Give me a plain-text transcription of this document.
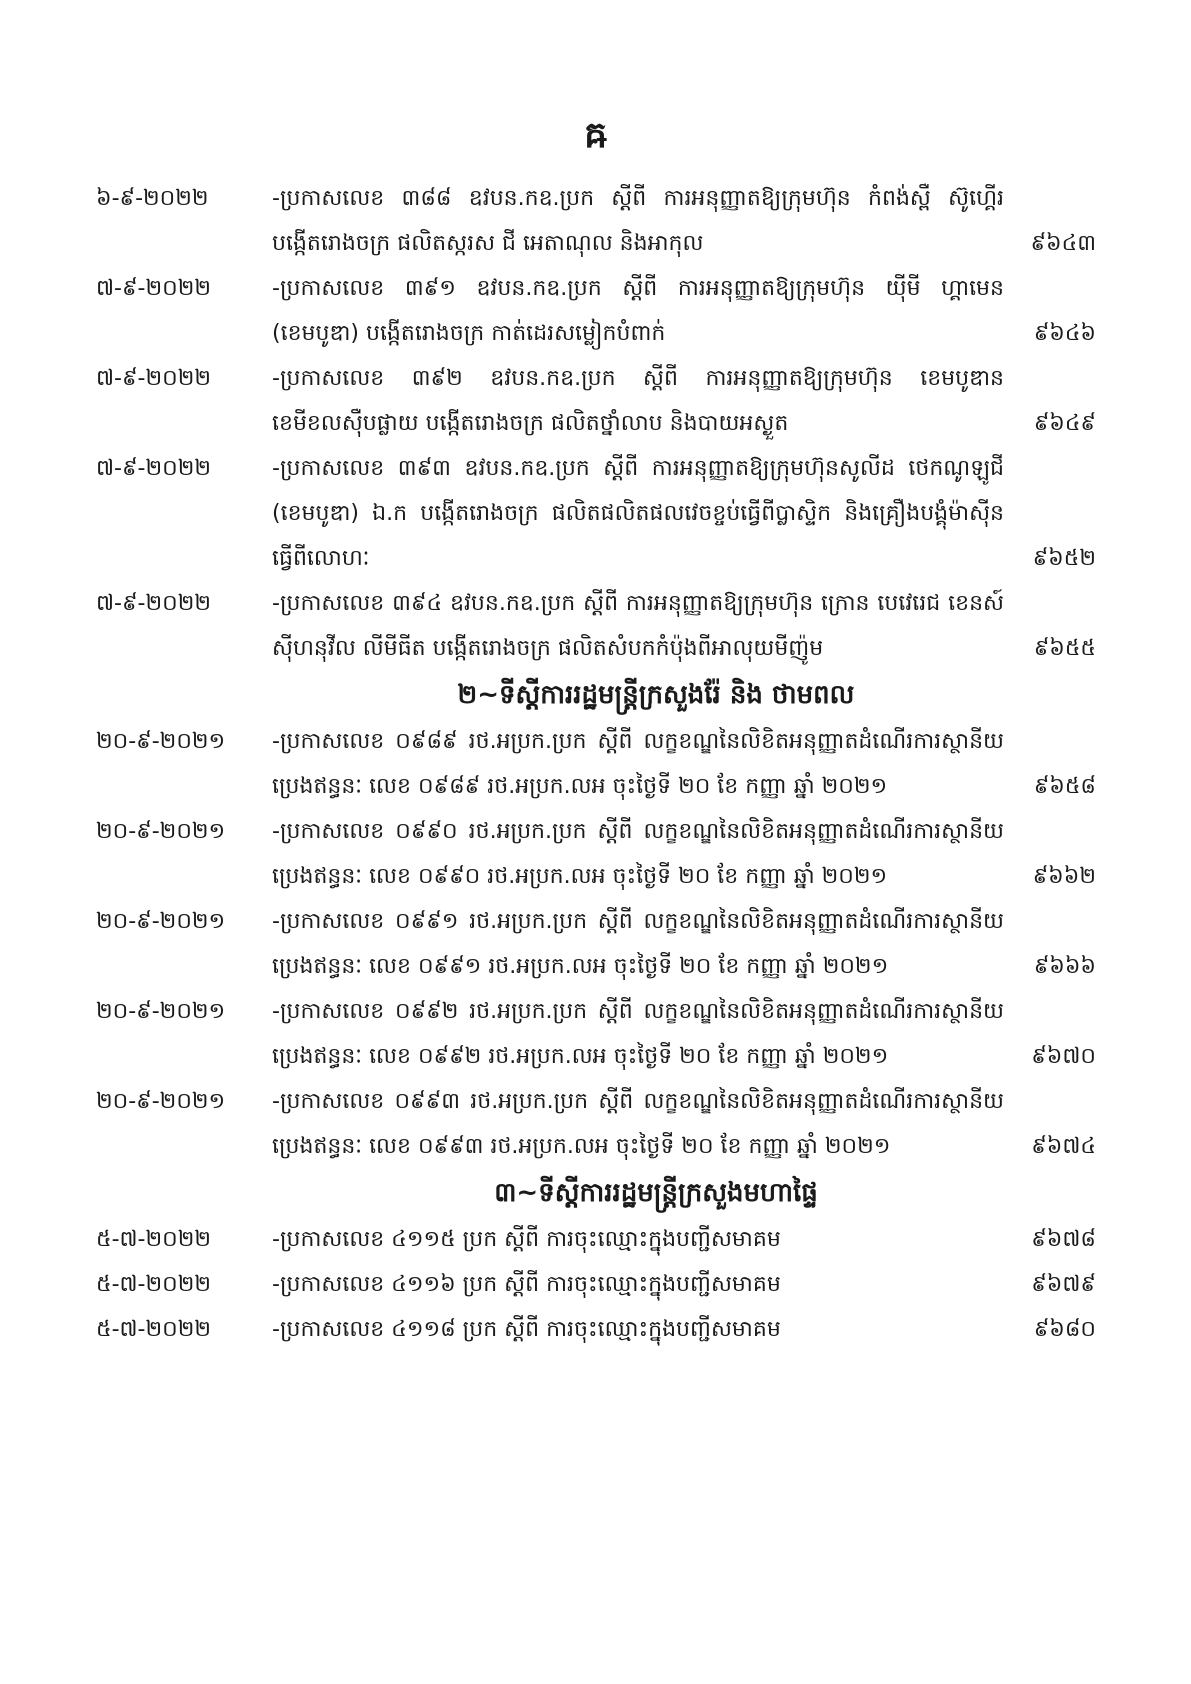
ឝ
៦-៩-២០២២	-ប្រកាសលេខ ៣៨៨ ឧវបន.កឧ.ប្រក ស្តីពី ការអនុញ្ញាតឱ្យក្រុមហ៊ុន កំពង់ស្ពឺ ស៊ូហ្គើរ បង្កើតរោងចក្រ ផលិតស្ករស ជី អេតាណុល និងអាកុល	៩៦៤៣
៧-៩-២០២២	-ប្រកាសលេខ ៣៩១ ឧវបន.កឧ.ប្រក ស្តីពី ការអនុញ្ញាតឱ្យក្រុមហ៊ុន យ៉ីមី ហ្គាមេន (ខេមបូឌា) បង្កើតរោងចក្រ កាត់ដេរសម្លៀកបំពាក់	៩៦៤៦
៧-៩-២០២២	-ប្រកាសលេខ ៣៩២ ឧវបន.កឧ.ប្រក ស្តីពី ការអនុញ្ញាតឱ្យក្រុមហ៊ុន ខេមបូឌាន ខេមីខលស៊ឺបផ្លាយ បង្កើតរោងចក្រ ផលិតថ្នាំលាប និងបាយអស្ងួត	៩៦៤៩
៧-៩-២០២២	-ប្រកាសលេខ ៣៩៣ ឧវបន.កឧ.ប្រក ស្តីពី ការអនុញ្ញាតឱ្យក្រុមហ៊ុនសូលីដ ថេកណូឡូជី (ខេមបូឌា) ឯ.ក បង្កើតរោងចក្រ ផលិតផលិតផលវេចខ្ចប់ធ្វើពីប្លាស្ទិក និងគ្រឿងបង្គុំម៉ាស៊ីនធ្វើពីលោហៈ	៩៦៥២
៧-៩-២០២២	-ប្រកាសលេខ ៣៩៤ ឧវបន.កឧ.ប្រក ស្តីពី ការអនុញ្ញាតឱ្យក្រុមហ៊ុន ក្រោន បេវេរេជ ខេនស៍ស៊ីហនុវីល លីមីធីត បង្កើតរោងចក្រ ផលិតសំបកកំប៉ុងពីអាលុយមីញ៉ូម	៩៦៥៥
២~ទីស្តីការរដ្ឋមន្ត្រីក្រសួងរ៉ែ និង ថាមពល
២០-៩-២០២១	-ប្រកាសលេខ ០៩៨៩ រថ.អប្រក.ប្រក ស្តីពី លក្ខខណ្ឌនៃលិខិតអនុញ្ញាតដំណើរការស្ថានីយប្រេងឥន្ធនៈ លេខ ០៩៨៩ រថ.អប្រក.លអ ចុះថ្ងៃទី ២០ ខែ កញ្ញា ឆ្នាំ ២០២១	៩៦៥៨
២០-៩-២០២១	-ប្រកាសលេខ ០៩៩០ រថ.អប្រក.ប្រក ស្តីពី លក្ខខណ្ឌនៃលិខិតអនុញ្ញាតដំណើរការស្ថានីយប្រេងឥន្ធនៈ លេខ ០៩៩០ រថ.អប្រក.លអ ចុះថ្ងៃទី ២០ ខែ កញ្ញា ឆ្នាំ ២០២១	៩៦៦២
២០-៩-២០២១	-ប្រកាសលេខ ០៩៩១ រថ.អប្រក.ប្រក ស្តីពី លក្ខខណ្ឌនៃលិខិតអនុញ្ញាតដំណើរការស្ថានីយប្រេងឥន្ធនៈ លេខ ០៩៩១ រថ.អប្រក.លអ ចុះថ្ងៃទី ២០ ខែ កញ្ញា ឆ្នាំ ២០២១	៩៦៦៦
២០-៩-២០២១	-ប្រកាសលេខ ០៩៩២ រថ.អប្រក.ប្រក ស្តីពី លក្ខខណ្ឌនៃលិខិតអនុញ្ញាតដំណើរការស្ថានីយប្រេងឥន្ធនៈ លេខ ០៩៩២ រថ.អប្រក.លអ ចុះថ្ងៃទី ២០ ខែ កញ្ញា ឆ្នាំ ២០២១	៩៦៧០
២០-៩-២០២១	-ប្រកាសលេខ ០៩៩៣ រថ.អប្រក.ប្រក ស្តីពី លក្ខខណ្ឌនៃលិខិតអនុញ្ញាតដំណើរការស្ថានីយប្រេងឥន្ធនៈ លេខ ០៩៩៣ រថ.អប្រក.លអ ចុះថ្ងៃទី ២០ ខែ កញ្ញា ឆ្នាំ ២០២១	៩៦៧៤
៣~ទីស្តីការរដ្ឋមន្ត្រីក្រសួងមហាផ្ទៃ
៥-៧-២០២២	-ប្រកាសលេខ ៤១១៥ ប្រក ស្តីពី ការចុះឈ្មោះក្នុងបញ្ជីសមាគម	៩៦៧៨
៥-៧-២០២២	-ប្រកាសលេខ ៤១១៦ ប្រក ស្តីពី ការចុះឈ្មោះក្នុងបញ្ជីសមាគម	៩៦៧៩
៥-៧-២០២២	-ប្រកាសលេខ ៤១១៨ ប្រក ស្តីពី ការចុះឈ្មោះក្នុងបញ្ជីសមាគម	៩៦៨០
